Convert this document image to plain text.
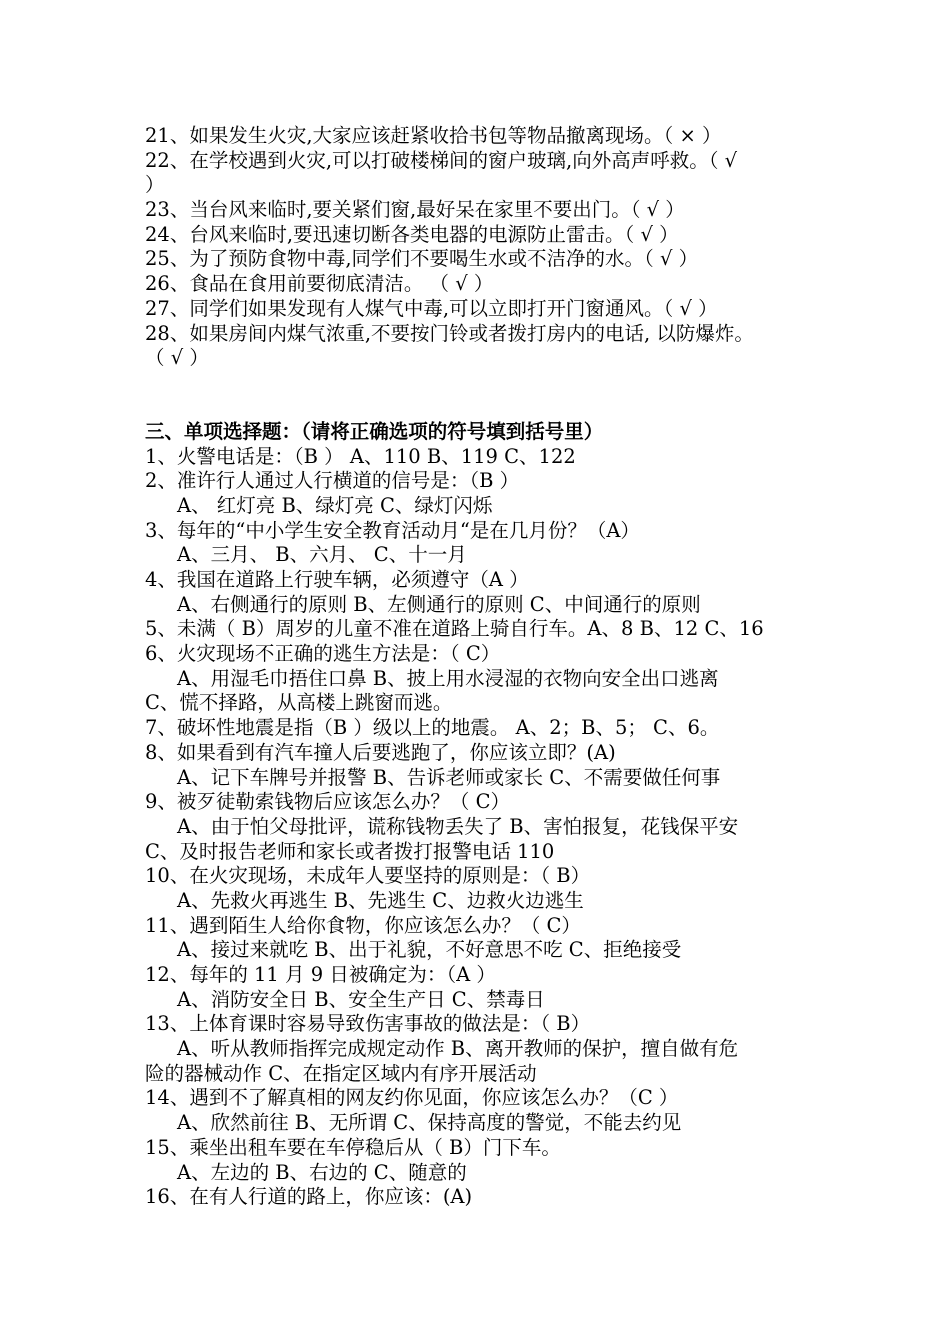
21、如果发生火灾,大家应该赶紧收拾书包等物品撤离现场。（ × ）
22、在学校遇到火灾,可以打破楼梯间的窗户玻璃,向外高声呼救。（ √
）
23、当台风来临时,要关紧们窗,最好呆在家里不要出门。（ √ ）
24、台风来临时,要迅速切断各类电器的电源防止雷击。（ √ ）
25、为了预防食物中毒,同学们不要喝生水或不洁净的水。（ √ ）
26、食品在食用前要彻底清洁。 （ √ ）
27、同学们如果发现有人煤气中毒,可以立即打开门窗通风。（ √ ）
28、如果房间内煤气浓重,不要按门铃或者拨打房内的电话, 以防爆炸。
（ √ ）
三、单项选择题：（请将正确选项的符号填到括号里）
1、火警电话是：（B ） A、110 B、119 C、122
2、准许行人通过人行横道的信号是：（B ）
A、 红灯亮 B、绿灯亮 C、绿灯闪烁
3、每年的“中小学生安全教育活动月“是在几月份？（A）
A、三月、 B、六月、 C、十一月
4、我国在道路上行驶车辆，必须遵守（A ）
A、右侧通行的原则 B、左侧通行的原则 C、中间通行的原则
5、未满（ B）周岁的儿童不准在道路上骑自行车。A、8 B、12 C、16
6、火灾现场不正确的逃生方法是：（ C）
A、用湿毛巾捂住口鼻 B、披上用水浸湿的衣物向安全出口逃离
C、慌不择路，从高楼上跳窗而逃。
7、破坏性地震是指（B ）级以上的地震。 A、2；B、5； C、6。
8、如果看到有汽车撞人后要逃跑了，你应该立即？(A)
A、记下车牌号并报警 B、告诉老师或家长 C、不需要做任何事
9、被歹徒勒索钱物后应该怎么办？（ C）
A、由于怕父母批评，谎称钱物丢失了 B、害怕报复，花钱保平安
C、及时报告老师和家长或者拨打报警电话 110
10、在火灾现场，未成年人要坚持的原则是：（ B）
A、先救火再逃生 B、先逃生 C、边救火边逃生
11、遇到陌生人给你食物，你应该怎么办？（ C）
A、接过来就吃 B、出于礼貌，不好意思不吃 C、拒绝接受
12、每年的 11 月 9 日被确定为：（A ）
A、消防安全日 B、安全生产日 C、禁毒日
13、上体育课时容易导致伤害事故的做法是：（ B）
A、听从教师指挥完成规定动作 B、离开教师的保护，擅自做有危
险的器械动作 C、在指定区域内有序开展活动
14、遇到不了解真相的网友约你见面，你应该怎么办？（C ）
A、欣然前往 B、无所谓 C、保持高度的警觉，不能去约见
15、乘坐出租车要在车停稳后从（ B）门下车。
A、左边的 B、右边的 C、随意的
16、在有人行道的路上，你应该：(A)
